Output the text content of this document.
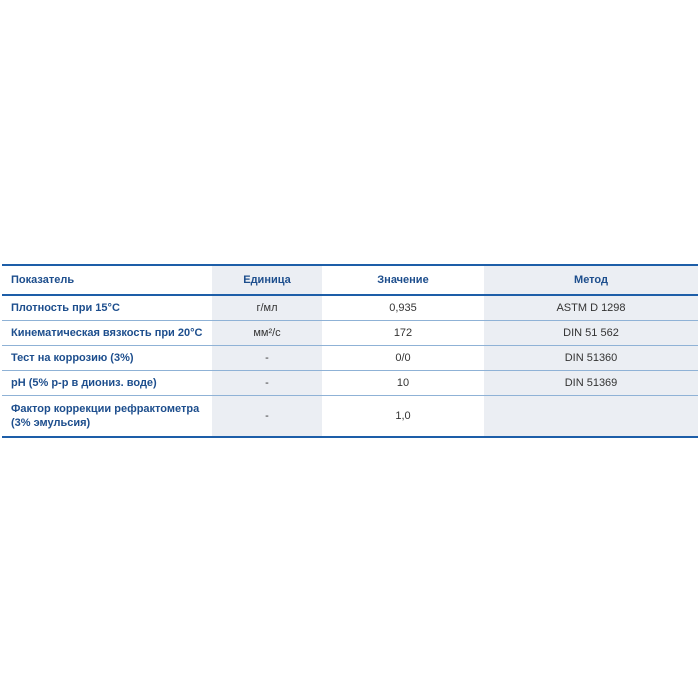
Показатель	Единица	Значение	Метод
Плотность при 15°C	г/мл	0,935	ASTM D 1298
Кинематическая вязкость при 20°C	мм²/с	172	DIN 51 562
Тест на коррозию (3%)	-	0/0	DIN 51360
pH (5% р-р в диониз. воде)	-	10	DIN 51369
Фактор коррекции рефрактометра (3% эмульсия)	-	1,0	
